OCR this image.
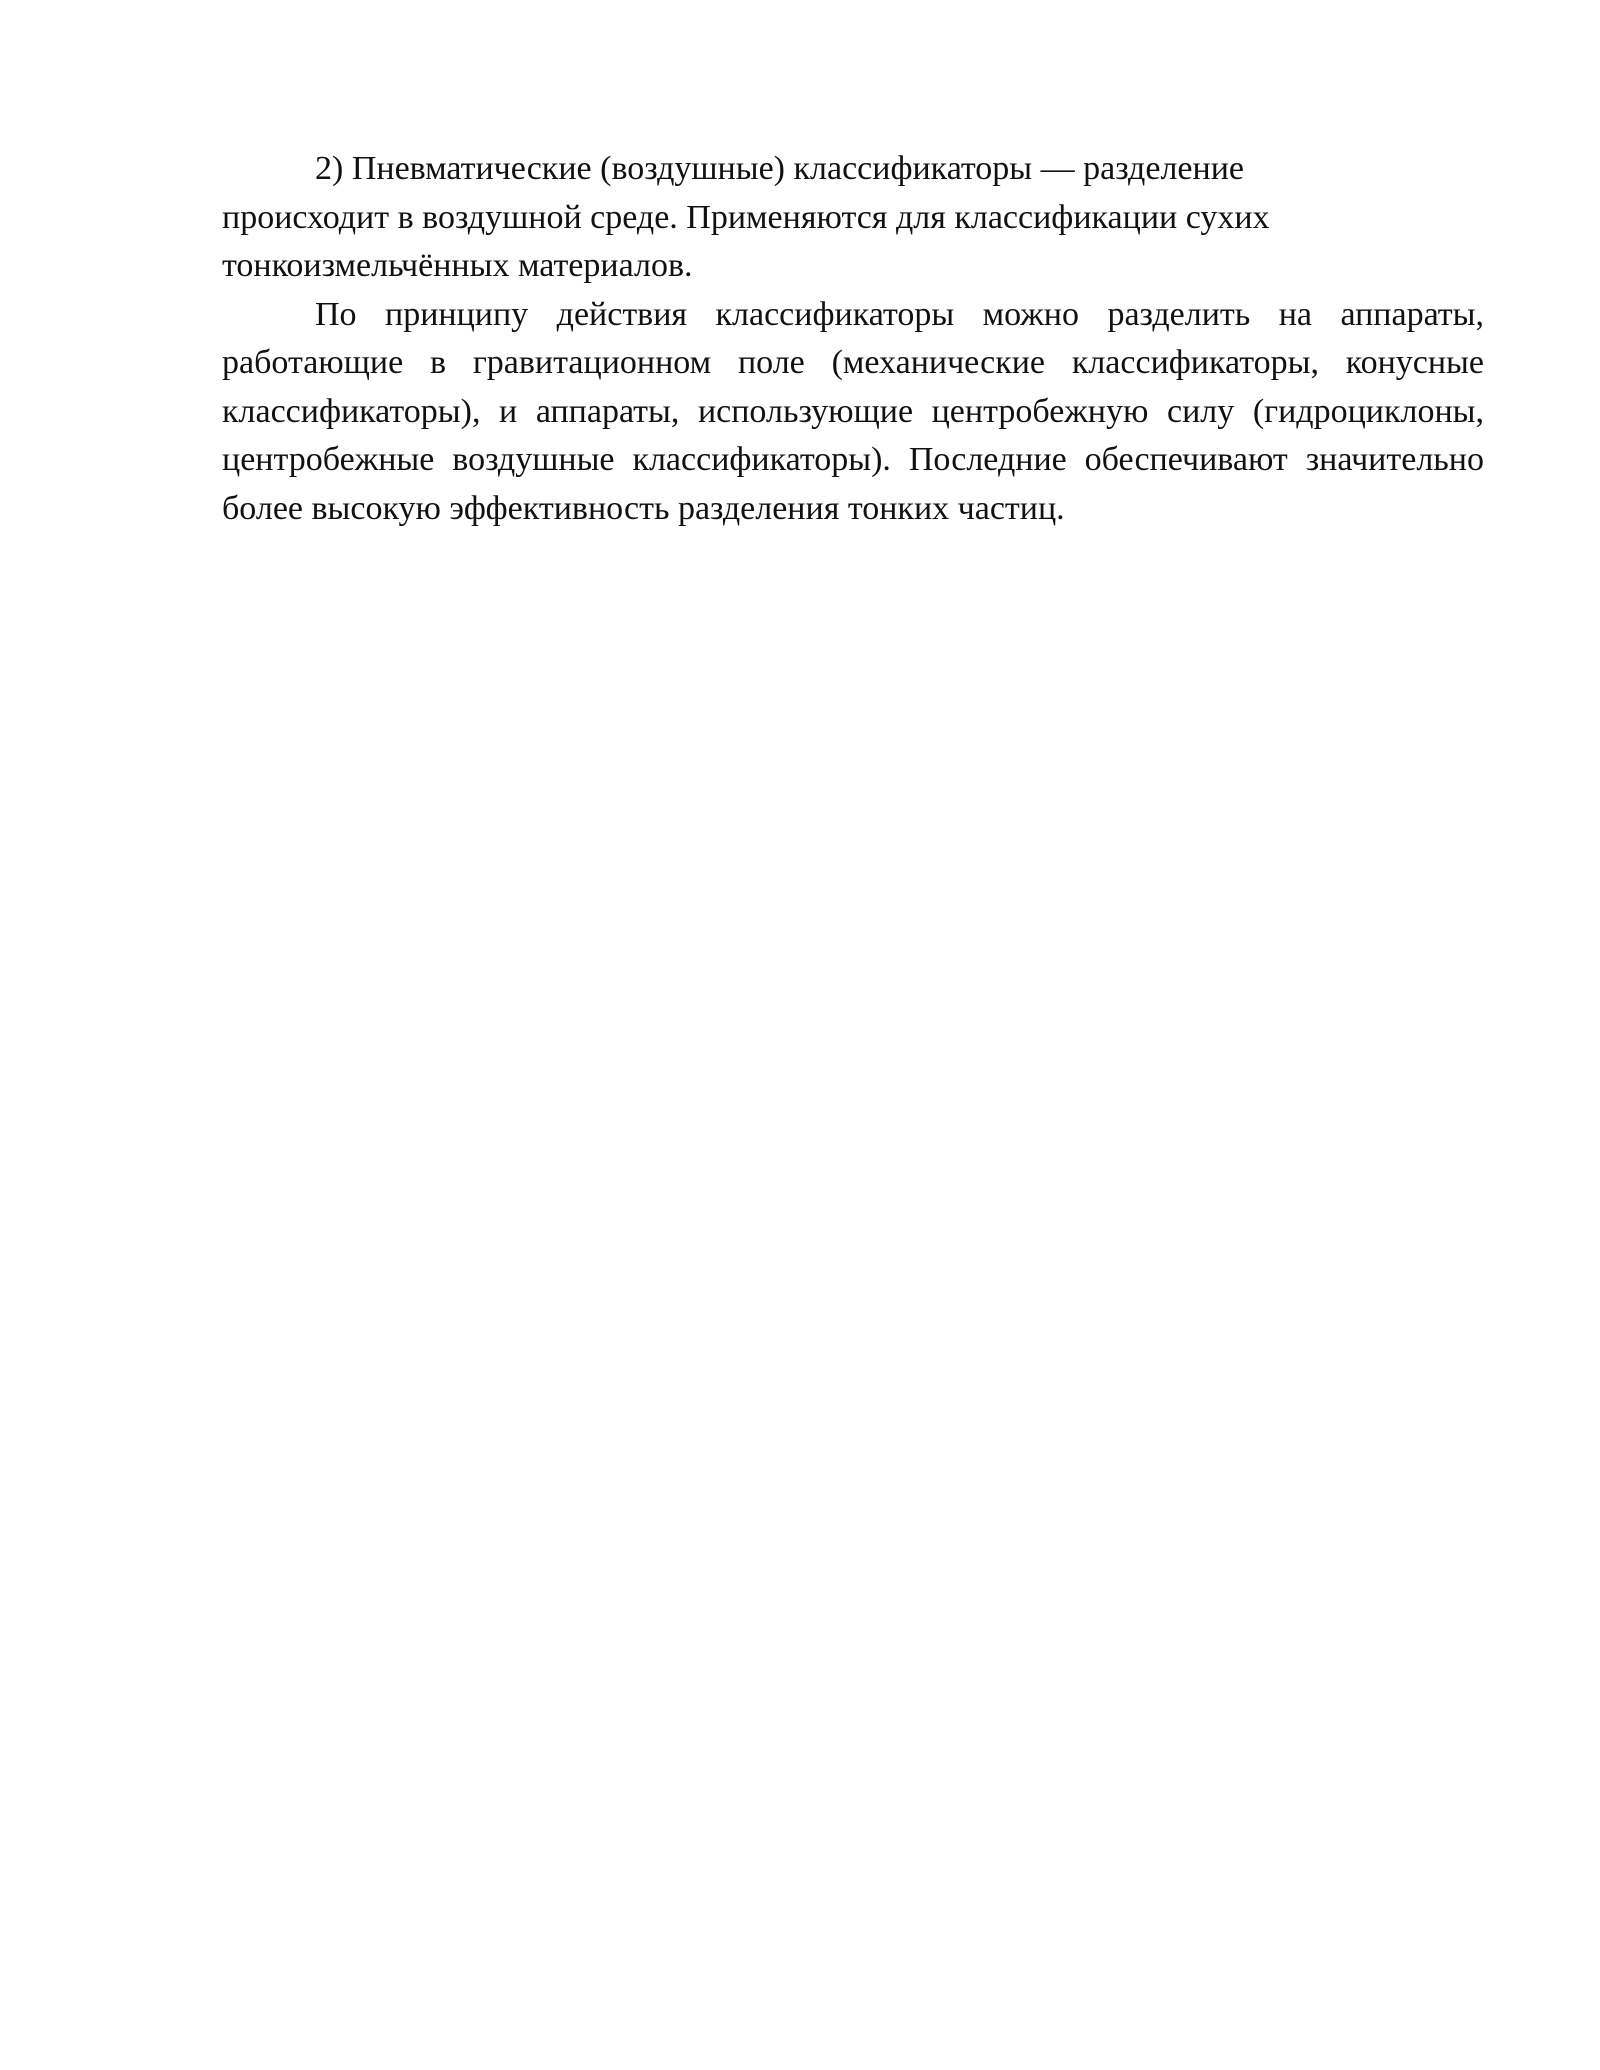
2) Пневматические (воздушные) классификаторы — разделение
происходит в воздушной среде. Применяются для классификации сухих
тонкоизмельчённых материалов.

По принципу действия классификаторы можно разделить на аппараты, работающие в гравитационном поле (механические классификаторы, конусные классификаторы), и аппараты, использующие центробежную силу (гидроциклоны, центробежные воздушные классификаторы). Последние обеспечивают значительно более высокую эффективность разделения тонких частиц.
